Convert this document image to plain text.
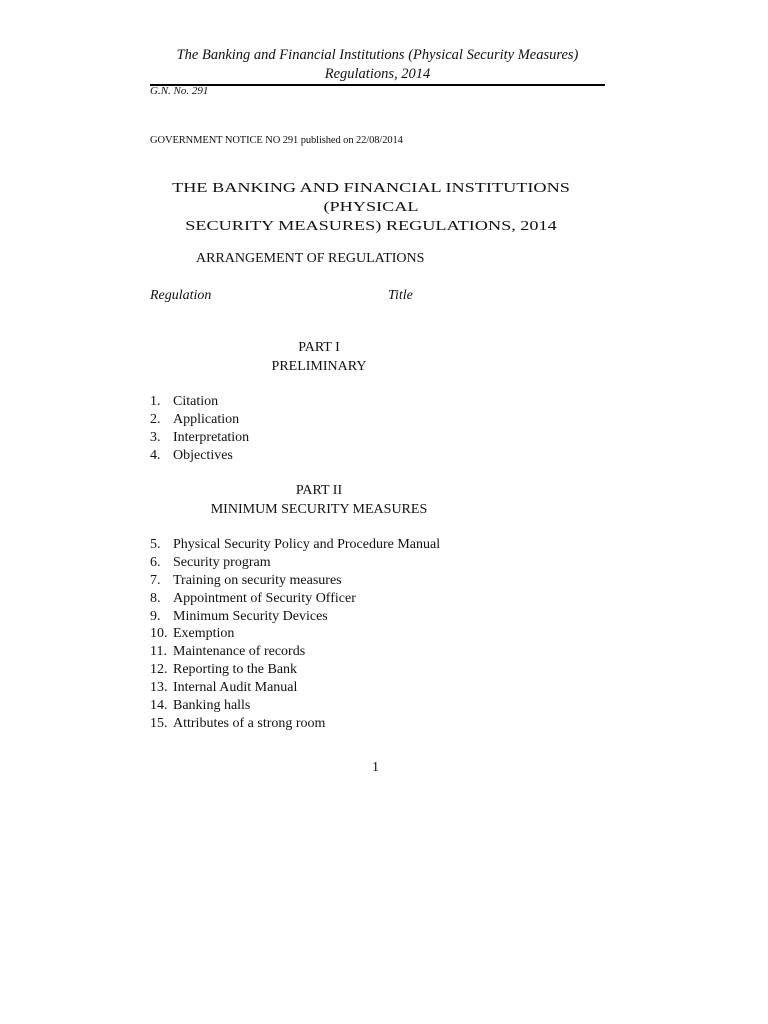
The Banking and Financial Institutions (Physical Security Measures)
Regulations, 2014
G.N. No. 291
GOVERNMENT NOTICE NO 291 published on 22/08/2014
THE BANKING AND FINANCIAL INSTITUTIONS (PHYSICAL
SECURITY MEASURES) REGULATIONS, 2014
ARRANGEMENT OF REGULATIONS
Regulation	Title
PART I
PRELIMINARY
1. Citation
2. Application
3. Interpretation
4. Objectives
PART II
MINIMUM SECURITY MEASURES
5. Physical Security Policy and Procedure Manual
6. Security program
7. Training on security measures
8. Appointment of Security Officer
9. Minimum Security Devices
10. Exemption
11. Maintenance of records
12. Reporting to the Bank
13. Internal Audit Manual
14. Banking halls
15. Attributes of a strong room
1
